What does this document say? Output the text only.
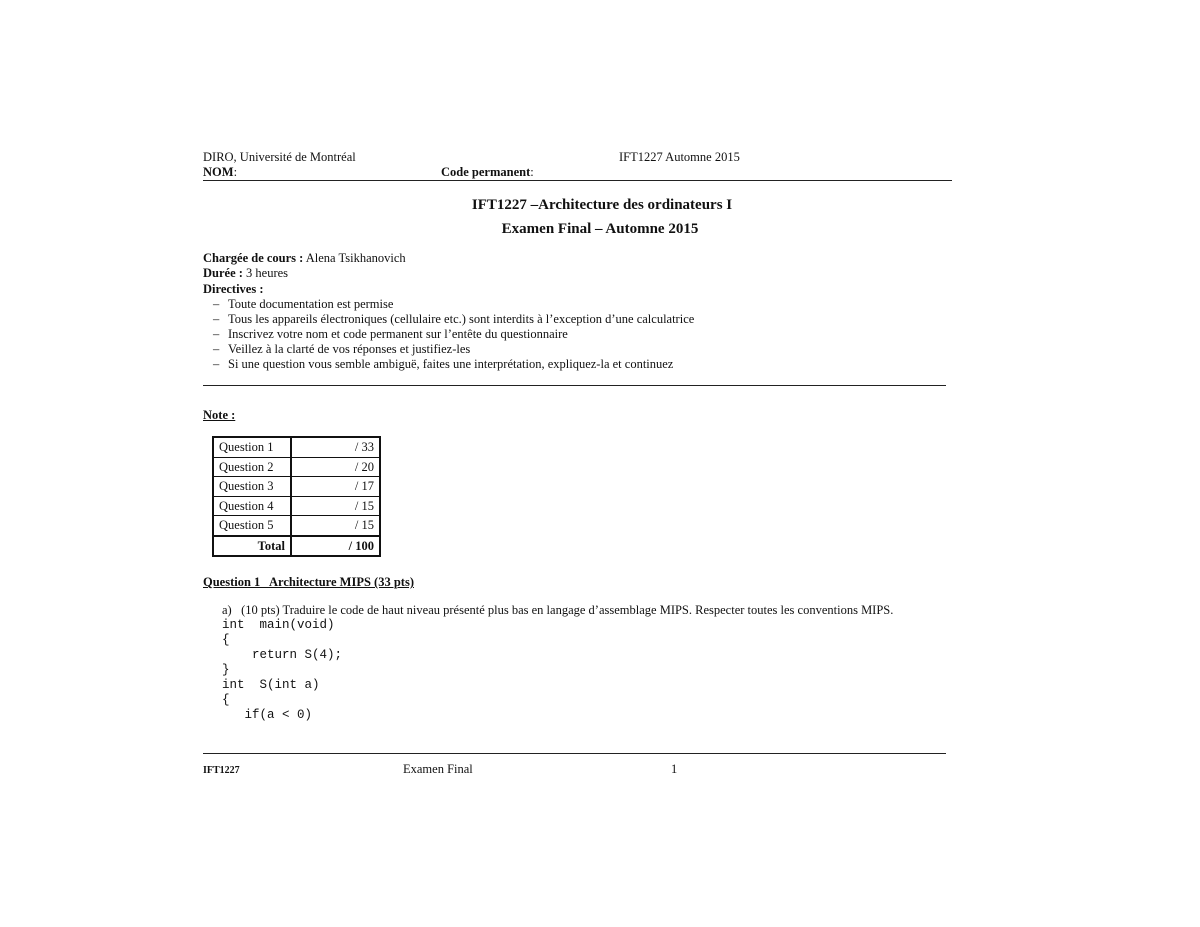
DIRO, Université de Montréal	IFT1227 Automne 2015
NOM:	Code permanent:
IFT1227 –Architecture des ordinateurs I
Examen Final – Automne 2015
Chargée de cours : Alena Tsikhanovich
Durée : 3 heures
Directives :
– Toute documentation est permise
– Tous les appareils électroniques (cellulaire etc.) sont interdits à l’exception d’une calculatrice
– Inscrivez votre nom et code permanent sur l’entête du questionnaire
– Veillez à la clarté de vos réponses et justifiez-les
– Si une question vous semble ambiguë, faites une interprétation, expliquez-la et continuez
Note :
Question 1	/ 33
Question 2	/ 20
Question 3	/ 17
Question 4	/ 15
Question 5	/ 15
Total	/ 100
Question 1   Architecture MIPS (33 pts)
a)   (10 pts) Traduire le code de haut niveau présenté plus bas en langage d’assemblage MIPS. Respecter toutes les conventions MIPS.
int  main(void)
{
return S(4);
}
int  S(int a)
{
if(a < 0)
IFT1227	Examen Final	1
